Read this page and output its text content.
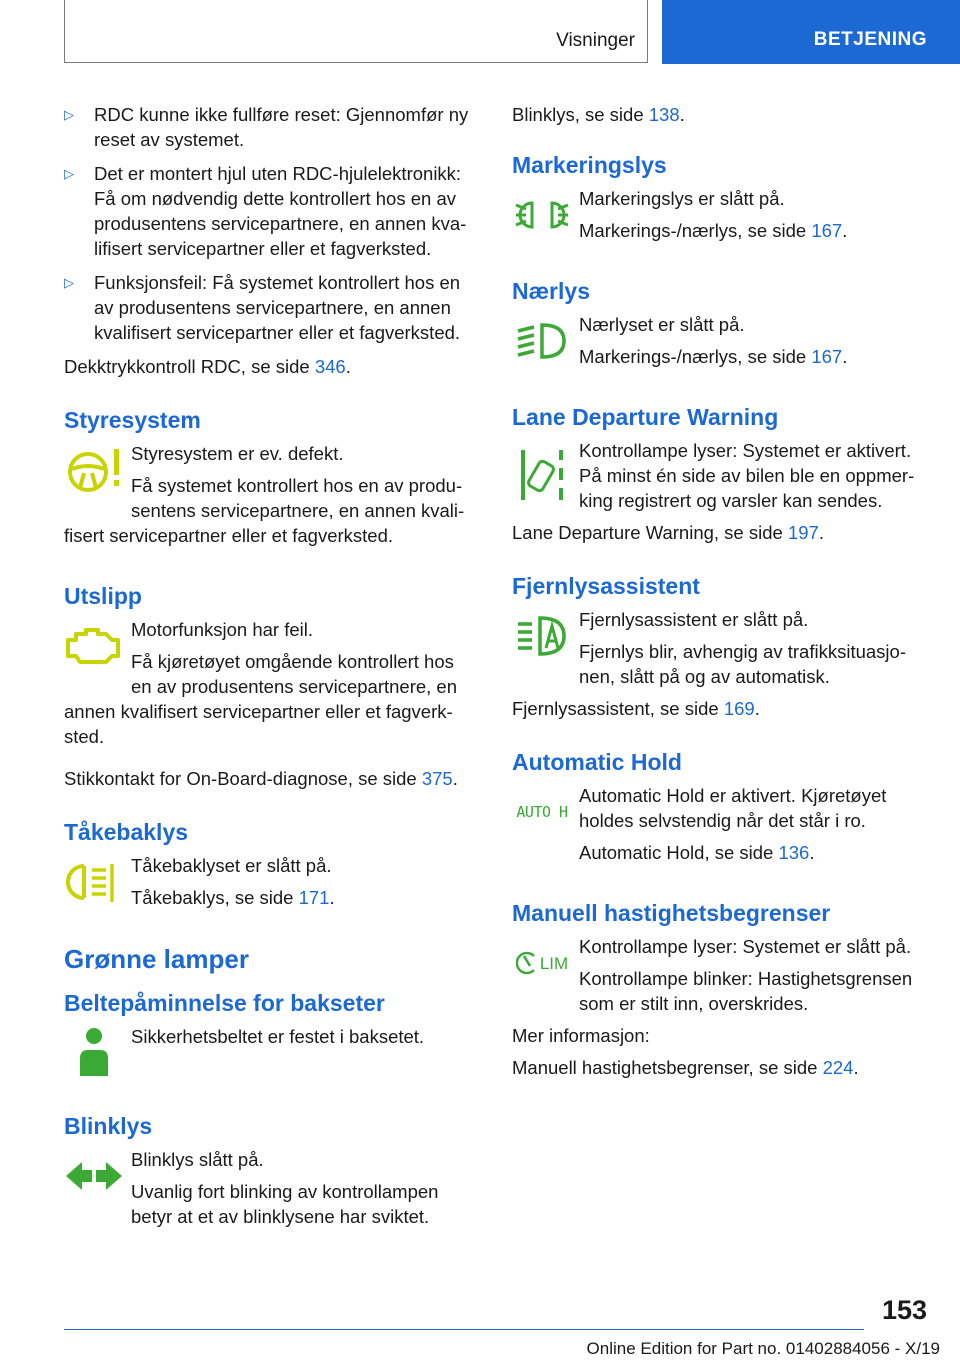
Visninger	BETJENING
▷ RDC kunne ikke fullføre reset: Gjennomfør ny reset av systemet.
▷ Det er montert hjul uten RDC-hjulelektronikk: Få om nødvendig dette kontrollert hos en av produsentens servicepartnere, en annen kvalifisert servicepartner eller et fagverksted.
▷ Funksjonsfeil: Få systemet kontrollert hos en av produsentens servicepartnere, en annen kvalifisert servicepartner eller et fagverksted.

Dekktrykkontroll RDC, se side 346.

Styresystem

Styresystem er ev. defekt.

Få systemet kontrollert hos en av produsentens servicepartnere, en annen kvalifisert servicepartner eller et fagverksted.

Utslipp

Motorfunksjon har feil.

Få kjøretøyet omgående kontrollert hos en av produsentens servicepartnere, en annen kvalifisert servicepartner eller et fagverksted.

Stikkontakt for On-Board-diagnose, se side 375.

Tåkebaklys

Tåkebaklyset er slått på.

Tåkebaklys, se side 171.

Grønne lamper
Beltepåminnelse for bakseter

Sikkerhetsbeltet er festet i baksetet.

Blinklys

Blinklys slått på.

Uvanlig fort blinking av kontrollampen betyr at et av blinklysene har sviktet.

Blinklys, se side 138.

Markeringslys

Markeringslys er slått på.

Markerings-/nærlys, se side 167.

Nærlys

Nærlyset er slått på.

Markerings-/nærlys, se side 167.

Lane Departure Warning

Kontrollampe lyser: Systemet er aktivert. På minst én side av bilen ble en oppmerking registrert og varsler kan sendes.

Lane Departure Warning, se side 197.

Fjernlysassistent

Fjernlysassistent er slått på.

Fjernlys blir, avhengig av trafikksituasjonen, slått på og av automatisk.

Fjernlysassistent, se side 169.

Automatic Hold
AUTO H

Automatic Hold er aktivert. Kjøretøyet holdes selvstendig når det står i ro.

Automatic Hold, se side 136.

Manuell hastighetsbegrenser
LIM

Kontrollampe lyser: Systemet er slått på.

Kontrollampe blinker: Hastighetsgrensen som er stilt inn, overskrides.

Mer informasjon:

Manuell hastighetsbegrenser, se side 224.

153
Online Edition for Part no. 01402884056 - X/19
